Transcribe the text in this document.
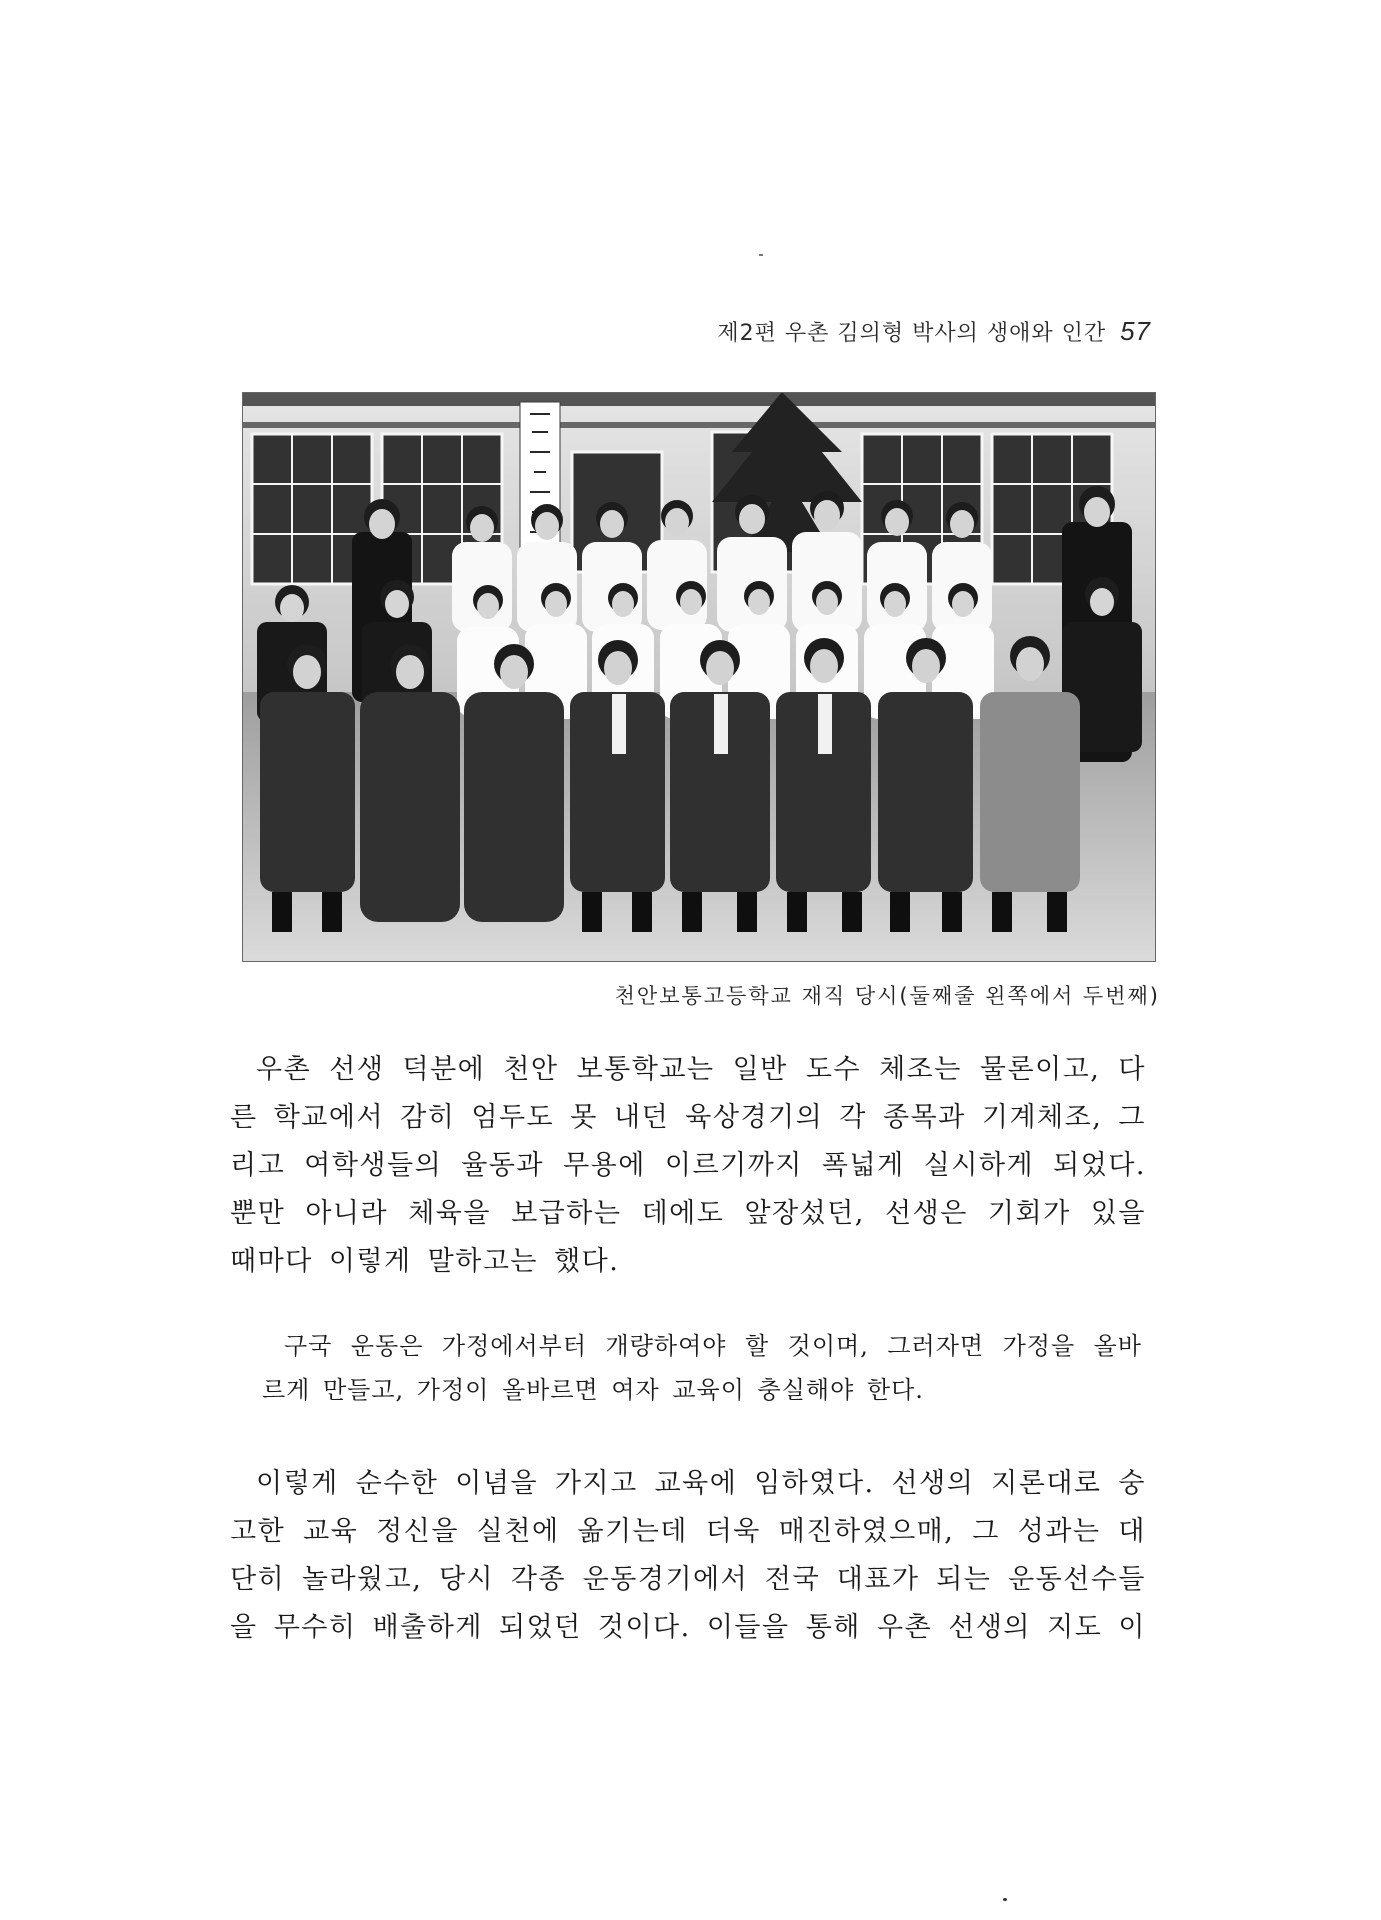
제2편 우촌 김의형 박사의 생애와 인간 57
천안보통고등학교 재직 당시(둘째줄 왼쪽에서 두번째)

우촌 선생 덕분에 천안 보통학교는 일반 도수 체조는 물론이고, 다
른 학교에서 감히 엄두도 못 내던 육상경기의 각 종목과 기계체조, 그
리고 여학생들의 율동과 무용에 이르기까지 폭넓게 실시하게 되었다.
뿐만 아니라 체육을 보급하는 데에도 앞장섰던, 선생은 기회가 있을
때마다 이렇게 말하고는 했다.

구국 운동은 가정에서부터 개량하여야 할 것이며, 그러자면 가정을 올바
르게 만들고, 가정이 올바르면 여자 교육이 충실해야 한다.

이렇게 순수한 이념을 가지고 교육에 임하였다. 선생의 지론대로 숭
고한 교육 정신을 실천에 옮기는데 더욱 매진하였으매, 그 성과는 대
단히 놀라웠고, 당시 각종 운동경기에서 전국 대표가 되는 운동선수들
을 무수히 배출하게 되었던 것이다. 이들을 통해 우촌 선생의 지도 이
